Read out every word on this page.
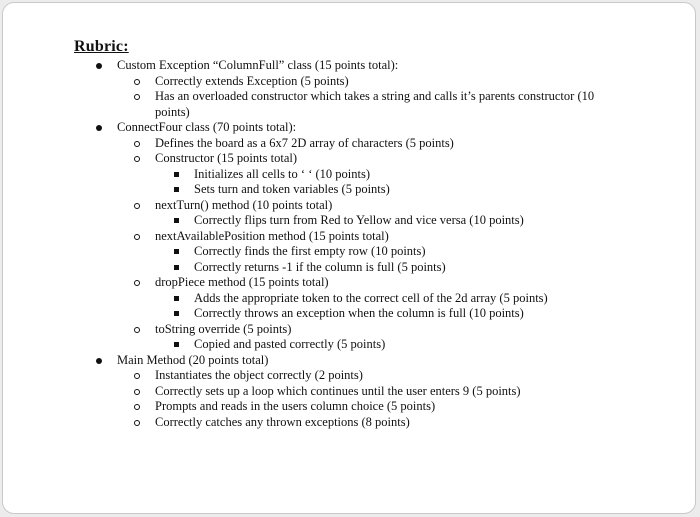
Rubric:
Custom Exception “ColumnFull” class (15 points total):
Correctly extends Exception (5 points)
Has an overloaded constructor which takes a string and calls it’s parents constructor (10
points)
ConnectFour class (70 points total):
Defines the board as a 6x7 2D array of characters (5 points)
Constructor (15 points total)
Initializes all cells to ‘ ‘ (10 points)
Sets turn and token variables (5 points)
nextTurn() method (10 points total)
Correctly flips turn from Red to Yellow and vice versa (10 points)
nextAvailablePosition method (15 points total)
Correctly finds the first empty row (10 points)
Correctly returns -1 if the column is full (5 points)
dropPiece method (15 points total)
Adds the appropriate token to the correct cell of the 2d array (5 points)
Correctly throws an exception when the column is full (10 points)
toString override (5 points)
Copied and pasted correctly (5 points)
Main Method (20 points total)
Instantiates the object correctly (2 points)
Correctly sets up a loop which continues until the user enters 9 (5 points)
Prompts and reads in the users column choice (5 points)
Correctly catches any thrown exceptions (8 points)
